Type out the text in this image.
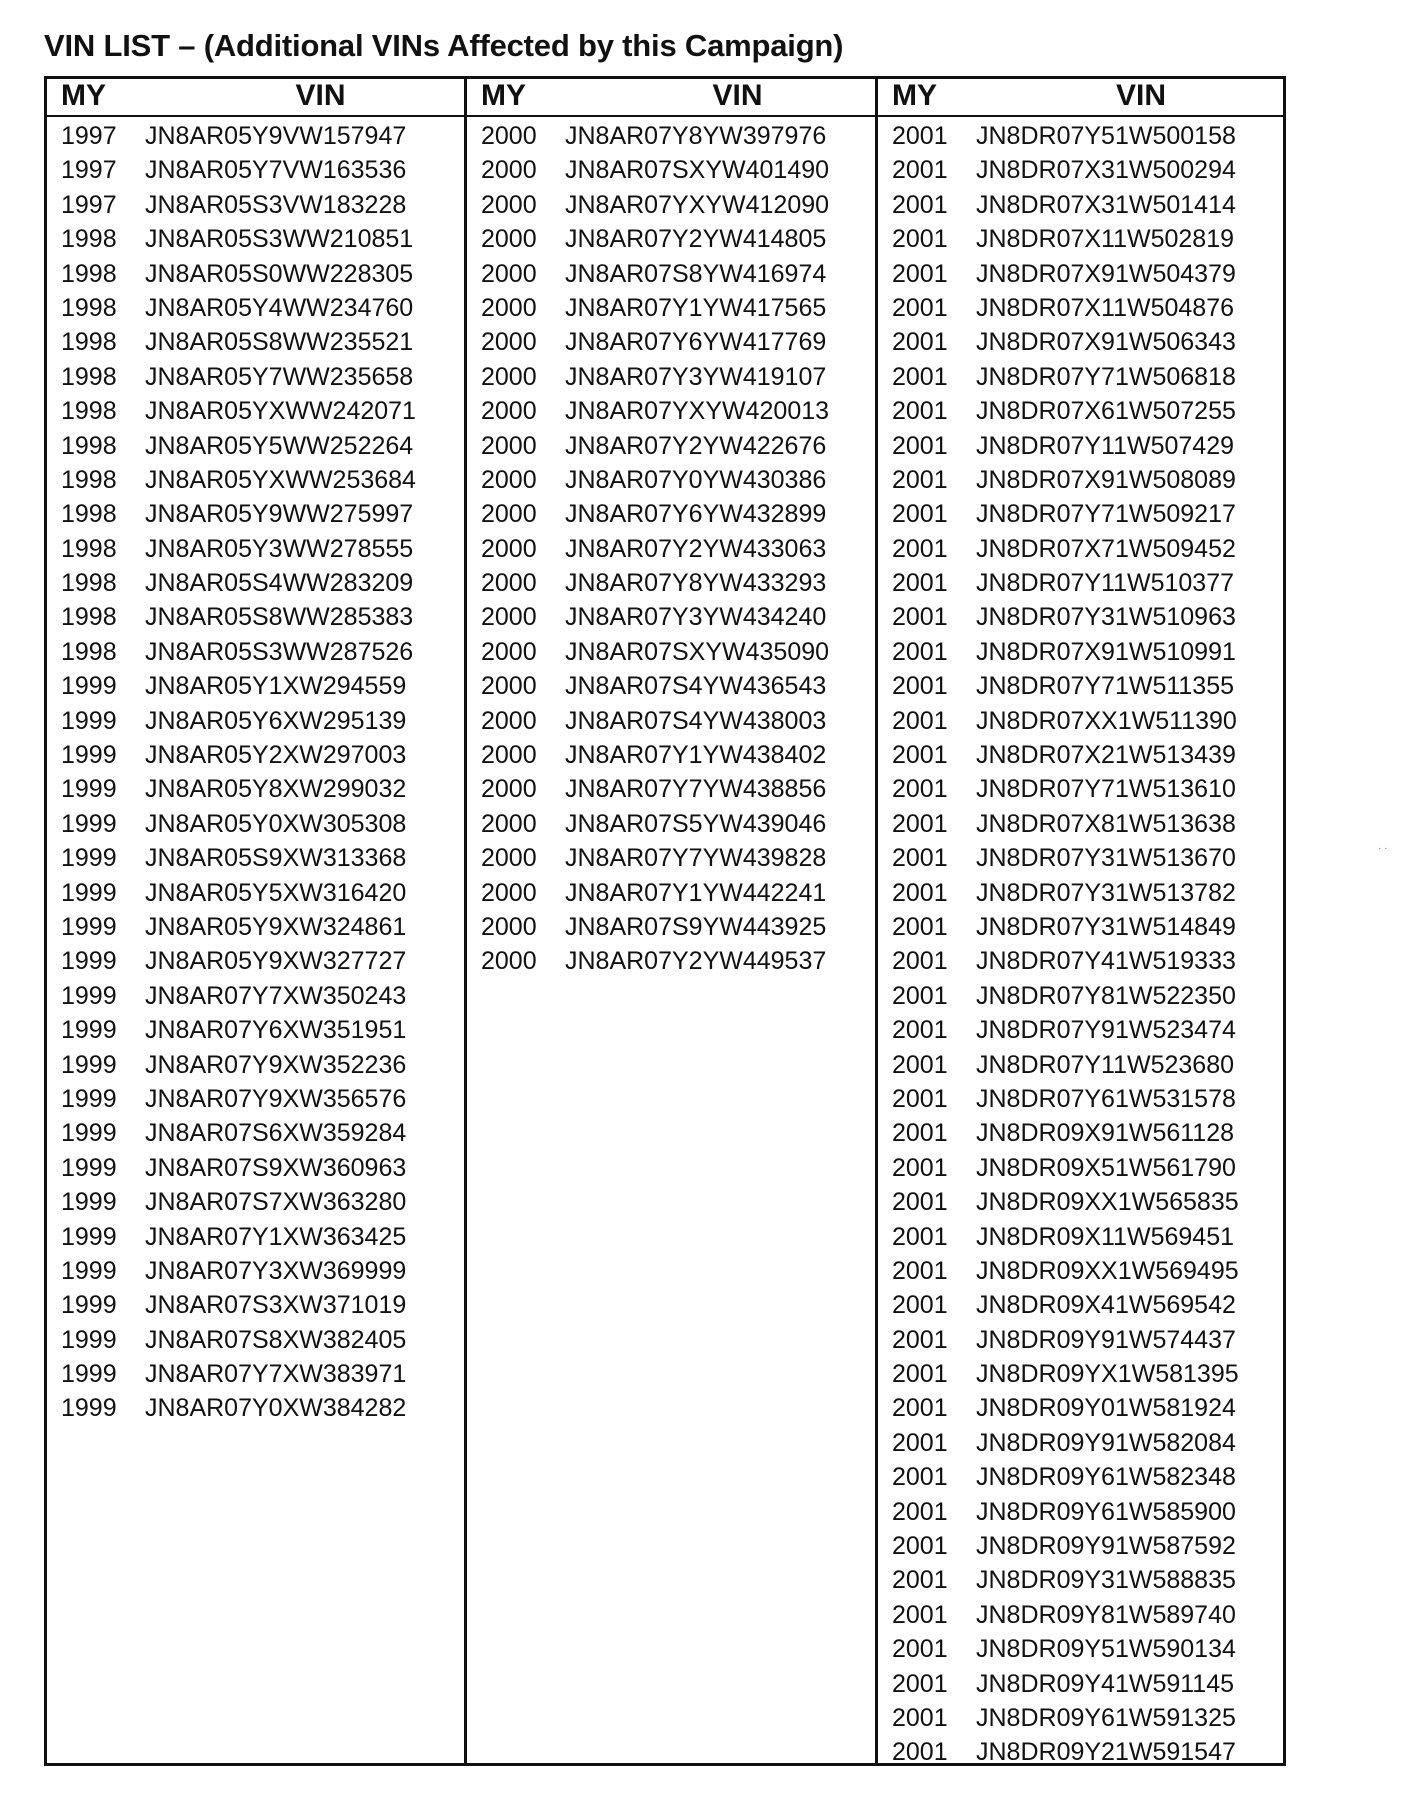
VIN LIST – (Additional VINs Affected by this Campaign)
MY	VIN
1997 JN8AR05Y9VW157947
1997 JN8AR05Y7VW163536
1997 JN8AR05S3VW183228
1998 JN8AR05S3WW210851
1998 JN8AR05S0WW228305
1998 JN8AR05Y4WW234760
1998 JN8AR05S8WW235521
1998 JN8AR05Y7WW235658
1998 JN8AR05YXWW242071
1998 JN8AR05Y5WW252264
1998 JN8AR05YXWW253684
1998 JN8AR05Y9WW275997
1998 JN8AR05Y3WW278555
1998 JN8AR05S4WW283209
1998 JN8AR05S8WW285383
1998 JN8AR05S3WW287526
1999 JN8AR05Y1XW294559
1999 JN8AR05Y6XW295139
1999 JN8AR05Y2XW297003
1999 JN8AR05Y8XW299032
1999 JN8AR05Y0XW305308
1999 JN8AR05S9XW313368
1999 JN8AR05Y5XW316420
1999 JN8AR05Y9XW324861
1999 JN8AR05Y9XW327727
1999 JN8AR07Y7XW350243
1999 JN8AR07Y6XW351951
1999 JN8AR07Y9XW352236
1999 JN8AR07Y9XW356576
1999 JN8AR07S6XW359284
1999 JN8AR07S9XW360963
1999 JN8AR07S7XW363280
1999 JN8AR07Y1XW363425
1999 JN8AR07Y3XW369999
1999 JN8AR07S3XW371019
1999 JN8AR07S8XW382405
1999 JN8AR07Y7XW383971
1999 JN8AR07Y0XW384282
MY	VIN
2000 JN8AR07Y8YW397976
2000 JN8AR07SXYW401490
2000 JN8AR07YXYW412090
2000 JN8AR07Y2YW414805
2000 JN8AR07S8YW416974
2000 JN8AR07Y1YW417565
2000 JN8AR07Y6YW417769
2000 JN8AR07Y3YW419107
2000 JN8AR07YXYW420013
2000 JN8AR07Y2YW422676
2000 JN8AR07Y0YW430386
2000 JN8AR07Y6YW432899
2000 JN8AR07Y2YW433063
2000 JN8AR07Y8YW433293
2000 JN8AR07Y3YW434240
2000 JN8AR07SXYW435090
2000 JN8AR07S4YW436543
2000 JN8AR07S4YW438003
2000 JN8AR07Y1YW438402
2000 JN8AR07Y7YW438856
2000 JN8AR07S5YW439046
2000 JN8AR07Y7YW439828
2000 JN8AR07Y1YW442241
2000 JN8AR07S9YW443925
2000 JN8AR07Y2YW449537
MY	VIN
2001 JN8DR07Y51W500158
2001 JN8DR07X31W500294
2001 JN8DR07X31W501414
2001 JN8DR07X11W502819
2001 JN8DR07X91W504379
2001 JN8DR07X11W504876
2001 JN8DR07X91W506343
2001 JN8DR07Y71W506818
2001 JN8DR07X61W507255
2001 JN8DR07Y11W507429
2001 JN8DR07X91W508089
2001 JN8DR07Y71W509217
2001 JN8DR07X71W509452
2001 JN8DR07Y11W510377
2001 JN8DR07Y31W510963
2001 JN8DR07X91W510991
2001 JN8DR07Y71W511355
2001 JN8DR07XX1W511390
2001 JN8DR07X21W513439
2001 JN8DR07Y71W513610
2001 JN8DR07X81W513638
2001 JN8DR07Y31W513670
2001 JN8DR07Y31W513782
2001 JN8DR07Y31W514849
2001 JN8DR07Y41W519333
2001 JN8DR07Y81W522350
2001 JN8DR07Y91W523474
2001 JN8DR07Y11W523680
2001 JN8DR07Y61W531578
2001 JN8DR09X91W561128
2001 JN8DR09X51W561790
2001 JN8DR09XX1W565835
2001 JN8DR09X11W569451
2001 JN8DR09XX1W569495
2001 JN8DR09X41W569542
2001 JN8DR09Y91W574437
2001 JN8DR09YX1W581395
2001 JN8DR09Y01W581924
2001 JN8DR09Y91W582084
2001 JN8DR09Y61W582348
2001 JN8DR09Y61W585900
2001 JN8DR09Y91W587592
2001 JN8DR09Y31W588835
2001 JN8DR09Y81W589740
2001 JN8DR09Y51W590134
2001 JN8DR09Y41W591145
2001 JN8DR09Y61W591325
2001 JN8DR09Y21W591547
· ·
